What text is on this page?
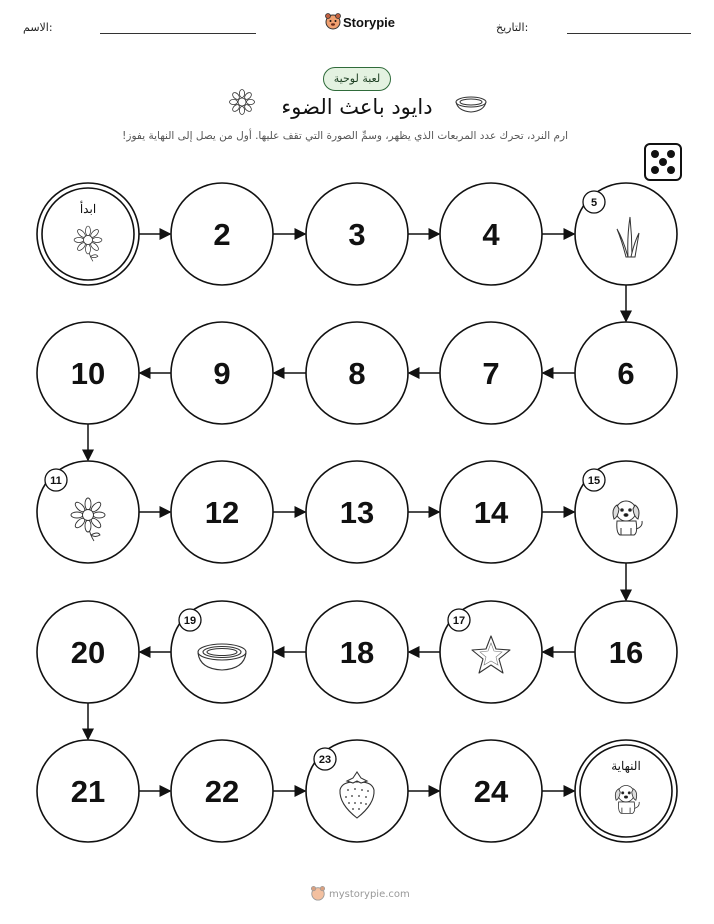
التاريخ:
Storypie
الاسم:
لعبة لوحية
دايود باعث الضوء
ارم النرد، تحرك عدد المربعات الذي يظهر، وسمِّ الصورة التي تقف عليها. أول من يصل إلى النهاية يفوز!
ابدأ
2	3	4
5
6
7
8
9
10
11
12	13	14
15
16
17
18
19
20
21	22
23
24
النهاية
mystorypie.com
